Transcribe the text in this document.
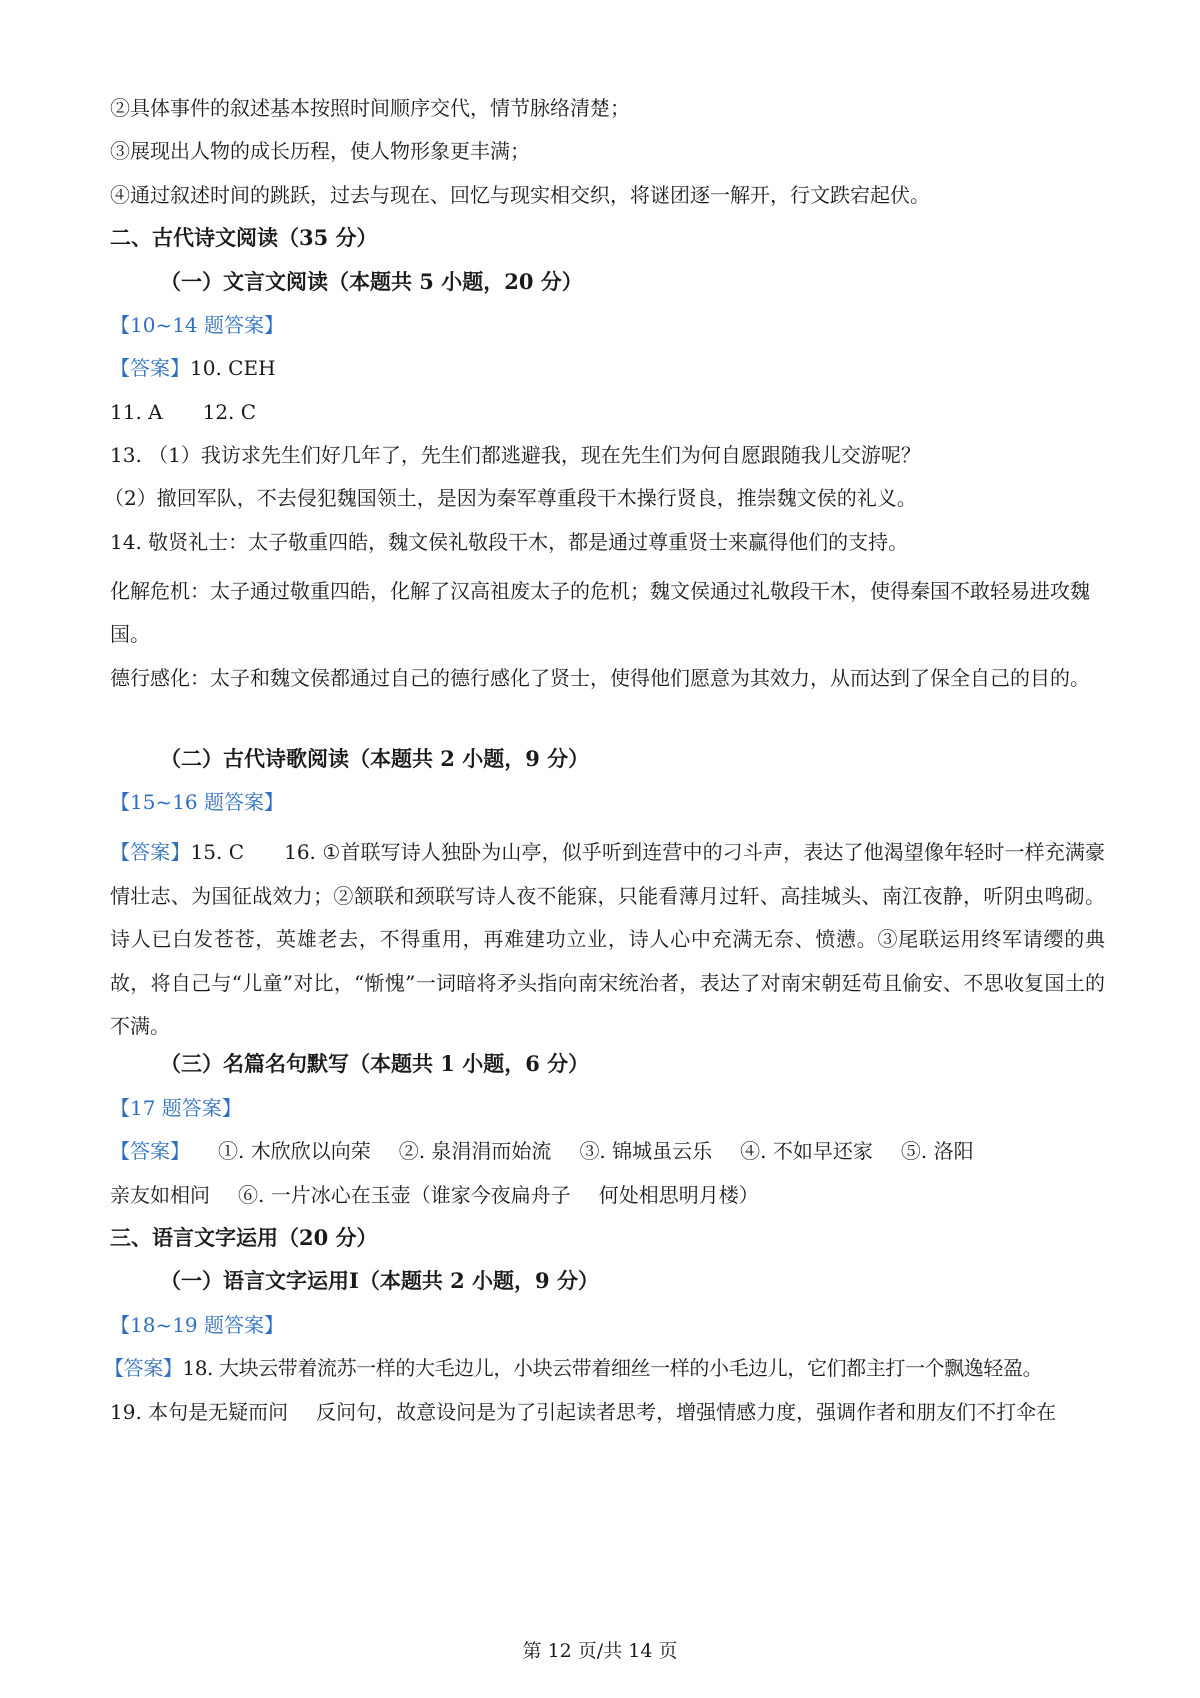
②具体事件的叙述基本按照时间顺序交代，情节脉络清楚；
③展现出人物的成长历程，使人物形象更丰满；
④通过叙述时间的跳跃，过去与现在、回忆与现实相交织，将谜团逐一解开，行文跌宕起伏。
二、古代诗文阅读（35 分）
（一）文言文阅读（本题共 5 小题，20 分）
【10~14 题答案】
【答案】10. CEH
11. A 12. C
13. （1）我访求先生们好几年了，先生们都逃避我，现在先生们为何自愿跟随我儿交游呢？
（2）撤回军队，不去侵犯魏国领土，是因为秦军尊重段干木操行贤良，推崇魏文侯的礼义。
14. 敬贤礼士：太子敬重四皓，魏文侯礼敬段干木，都是通过尊重贤士来赢得他们的支持。
化解危机：太子通过敬重四皓，化解了汉高祖废太子的危机；魏文侯通过礼敬段干木，使得秦国不敢轻易进攻魏国。
德行感化：太子和魏文侯都通过自己的德行感化了贤士，使得他们愿意为其效力，从而达到了保全自己的目的。
（二）古代诗歌阅读（本题共 2 小题，9 分）
【15~16 题答案】
【答案】15. C 16. ①首联写诗人独卧为山亭，似乎听到连营中的刁斗声，表达了他渴望像年轻时一样充满豪情壮志、为国征战效力；②颔联和颈联写诗人夜不能寐，只能看薄月过轩、高挂城头、南江夜静，听阴虫鸣砌。诗人已白发苍苍，英雄老去，不得重用，再难建功立业，诗人心中充满无奈、愤懑。③尾联运用终军请缨的典故，将自己与“儿童”对比，“惭愧”一词暗将矛头指向南宋统治者，表达了对南宋朝廷苟且偷安、不思收复国土的不满。
（三）名篇名句默写（本题共 1 小题，6 分）
【17 题答案】
【答案】 ①. 木欣欣以向荣 ②. 泉涓涓而始流 ③. 锦城虽云乐 ④. 不如早还家 ⑤. 洛阳
亲友如相问 ⑥. 一片冰心在玉壶（谁家今夜扁舟子 何处相思明月楼）
三、语言文字运用（20 分）
（一）语言文字运用Ⅰ（本题共 2 小题，9 分）
【18~19 题答案】
【答案】18. 大块云带着流苏一样的大毛边儿，小块云带着细丝一样的小毛边儿，它们都主打一个飘逸轻盈。
19. 本句是无疑而问 反问句，故意设问是为了引起读者思考，增强情感力度，强调作者和朋友们不打伞在
第 12 页/共 14 页
